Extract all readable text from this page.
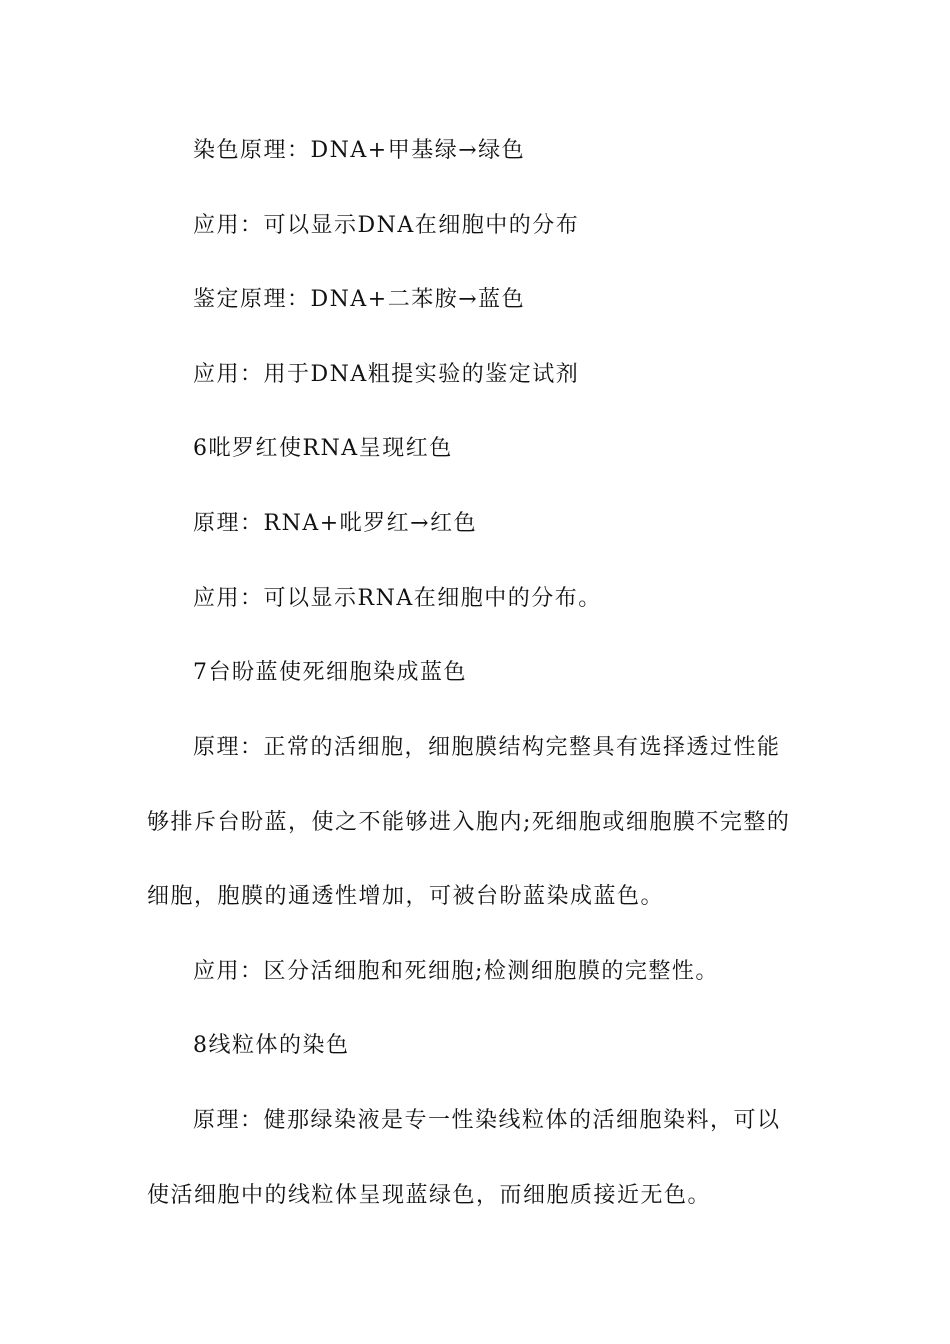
染色原理：DNA+甲基绿→绿色
应用：可以显示DNA在细胞中的分布
鉴定原理：DNA+二苯胺→蓝色
应用：用于DNA粗提实验的鉴定试剂
6吡罗红使RNA呈现红色
原理：RNA+吡罗红→红色
应用：可以显示RNA在细胞中的分布。
7台盼蓝使死细胞染成蓝色
原理：正常的活细胞，细胞膜结构完整具有选择透过性能
够排斥台盼蓝，使之不能够进入胞内;死细胞或细胞膜不完整的
细胞，胞膜的通透性增加，可被台盼蓝染成蓝色。
应用：区分活细胞和死细胞;检测细胞膜的完整性。
8线粒体的染色
原理：健那绿染液是专一性染线粒体的活细胞染料，可以
使活细胞中的线粒体呈现蓝绿色，而细胞质接近无色。
